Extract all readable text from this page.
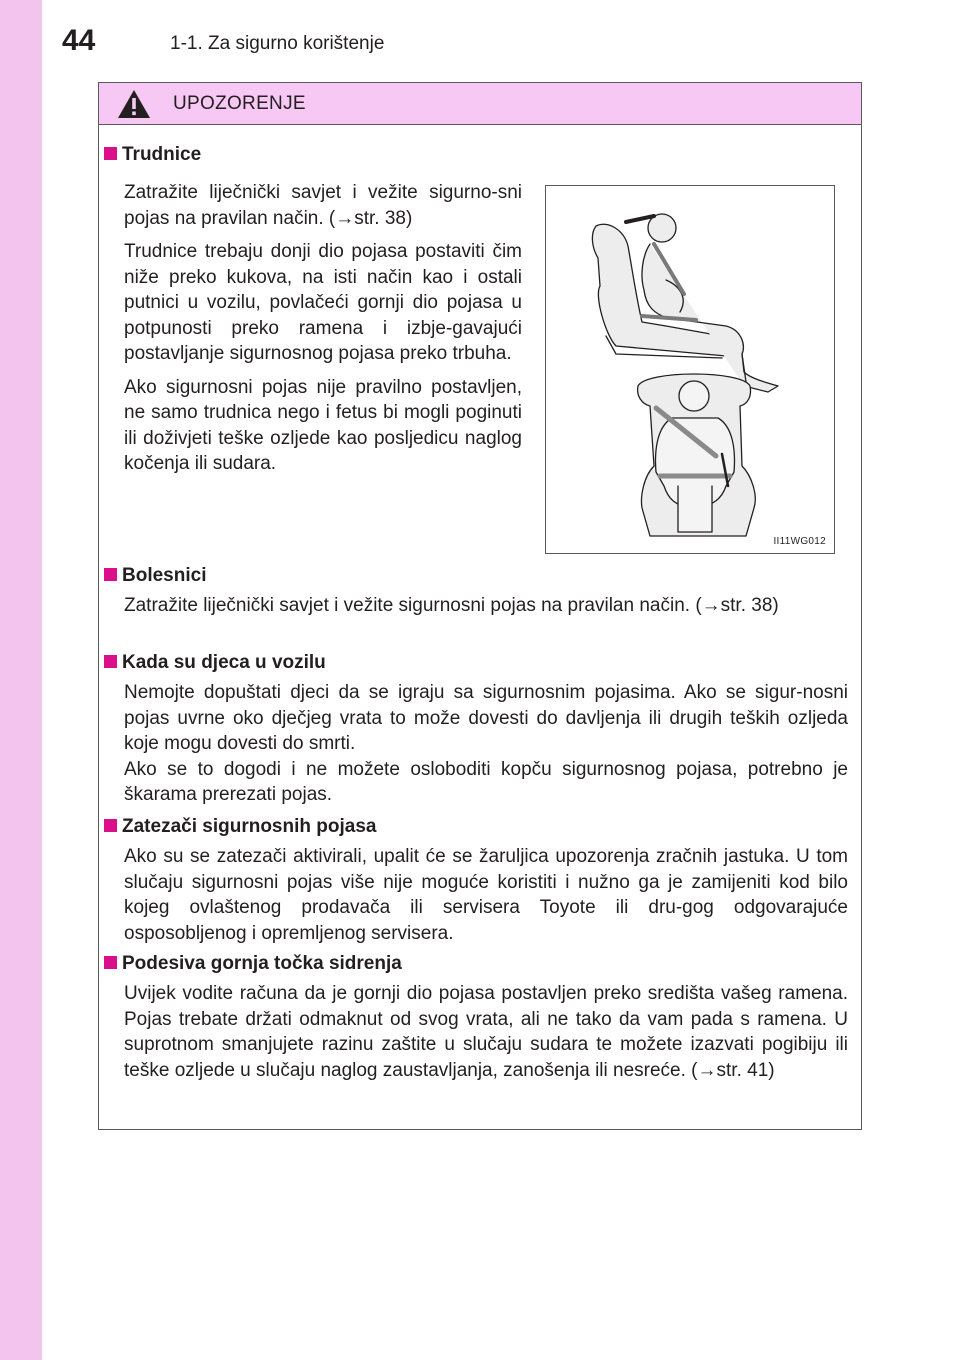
44	1-1. Za sigurno korištenje
UPOZORENJE
Trudnice

Zatražite liječnički savjet i vežite sigurno-sni pojas na pravilan način. (→str. 38)

Trudnice trebaju donji dio pojasa postaviti čim niže preko kukova, na isti način kao i ostali putnici u vozilu, povlačeći gornji dio pojasa u potpunosti preko ramena i izbje-gavajući postavljanje sigurnosnog pojasa preko trbuha.

Ako sigurnosni pojas nije pravilno postavljen, ne samo trudnica nego i fetus bi mogli poginuti ili doživjeti teške ozljede kao posljedicu naglog kočenja ili sudara.

II11WG012
Bolesnici

Zatražite liječnički savjet i vežite sigurnosni pojas na pravilan način. (→str. 38)

Kada su djeca u vozilu

Nemojte dopuštati djeci da se igraju sa sigurnosnim pojasima. Ako se sigur-nosni pojas uvrne oko dječjeg vrata to može dovesti do davljenja ili drugih teških ozljeda koje mogu dovesti do smrti.

Ako se to dogodi i ne možete osloboditi kopču sigurnosnog pojasa, potrebno je škarama prerezati pojas.

Zatezači sigurnosnih pojasa

Ako su se zatezači aktivirali, upalit će se žaruljica upozorenja zračnih jastuka. U tom slučaju sigurnosni pojas više nije moguće koristiti i nužno ga je zamijeniti kod bilo kojeg ovlaštenog prodavača ili servisera Toyote ili dru-gog odgovarajuće osposobljenog i opremljenog servisera.

Podesiva gornja točka sidrenja

Uvijek vodite računa da je gornji dio pojasa postavljen preko središta vašeg ramena. Pojas trebate držati odmaknut od svog vrata, ali ne tako da vam pada s ramena. U suprotnom smanjujete razinu zaštite u slučaju sudara te možete izazvati pogibiju ili teške ozljede u slučaju naglog zaustavljanja, zanošenja ili nesreće. (→str. 41)
